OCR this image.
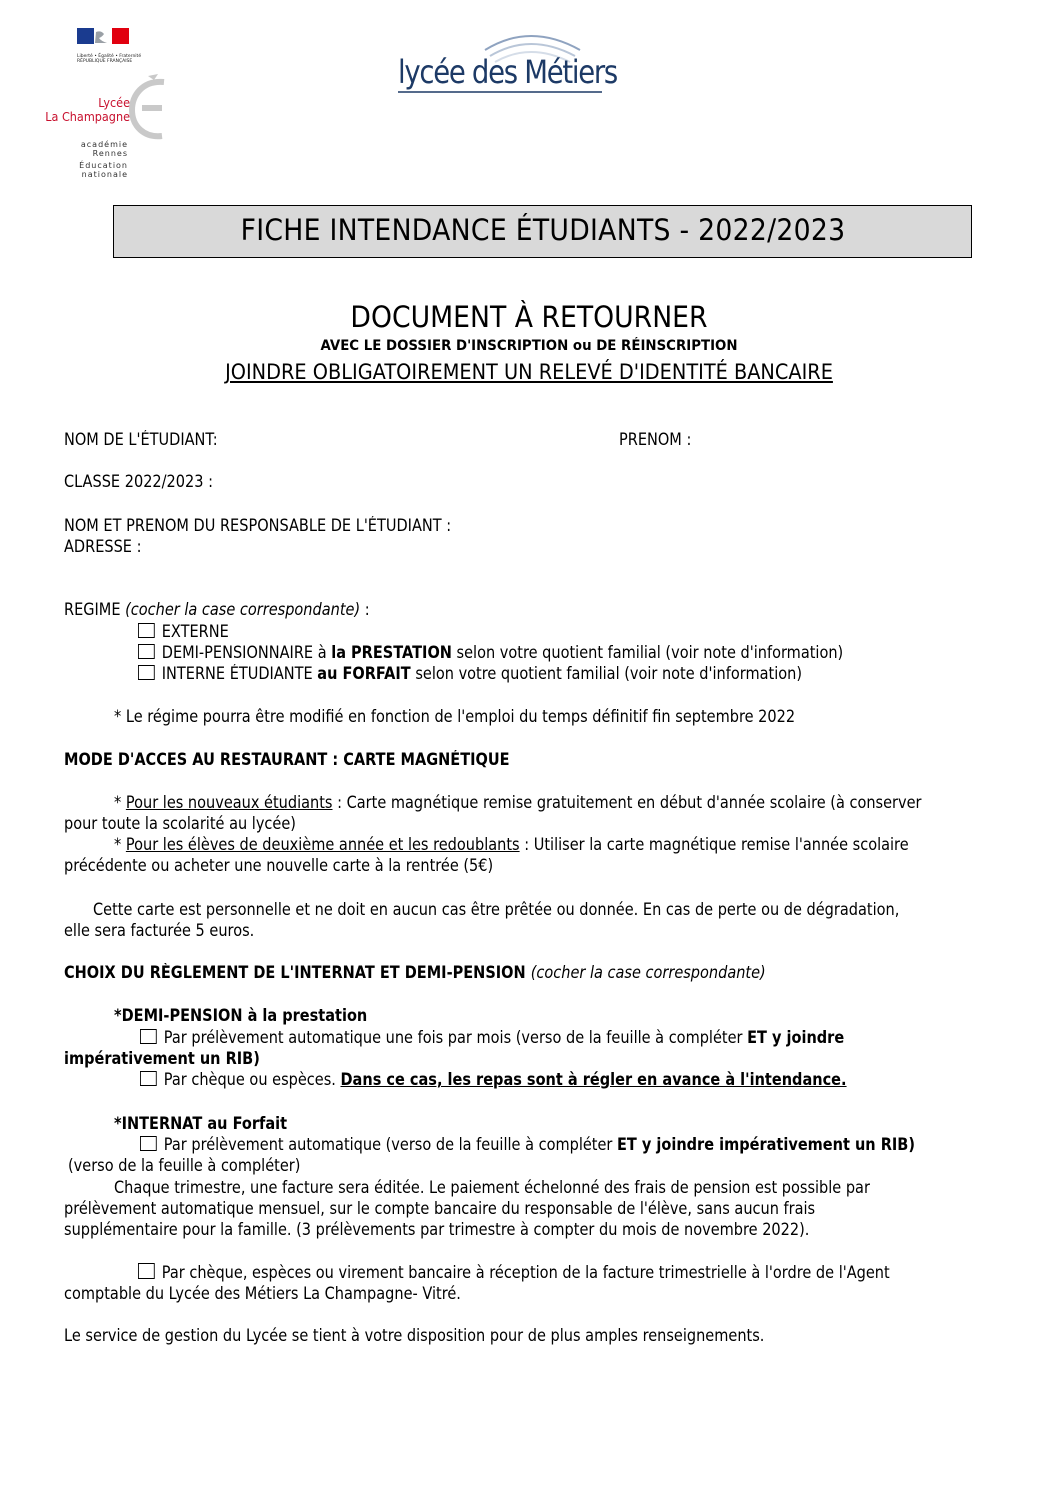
Liberté • Égalité • Fraternité
RÉPUBLIQUE FRANÇAISE
Lycée
La Champagne
académie
Rennes
Éducation
nationale
lycée des Métiers
FICHE INTENDANCE ÉTUDIANTS - 2022/2023
DOCUMENT À RETOURNER
AVEC LE DOSSIER D'INSCRIPTION ou DE RÉINSCRIPTION
JOINDRE OBLIGATOIREMENT UN RELEVÉ D'IDENTITÉ BANCAIRE
NOM DE L'ÉTUDIANT:	PRENOM :
CLASSE 2022/2023 :
NOM ET PRENOM DU RESPONSABLE DE L'ÉTUDIANT :
ADRESSE :
REGIME (cocher la case correspondante) :
EXTERNE
DEMI-PENSIONNAIRE à la PRESTATION selon votre quotient familial (voir note d'information)
INTERNE ÉTUDIANTE au FORFAIT selon votre quotient familial (voir note d'information)
* Le régime pourra être modifié en fonction de l'emploi du temps définitif fin septembre 2022
MODE D'ACCES AU RESTAURANT : CARTE MAGNÉTIQUE
* Pour les nouveaux étudiants : Carte magnétique remise gratuitement en début d'année scolaire (à conserver
pour toute la scolarité au lycée)
* Pour les élèves de deuxième année et les redoublants : Utiliser la carte magnétique remise l'année scolaire
précédente ou acheter une nouvelle carte à la rentrée (5€)
Cette carte est personnelle et ne doit en aucun cas être prêtée ou donnée. En cas de perte ou de dégradation,
elle sera facturée 5 euros.
CHOIX DU RÈGLEMENT DE L'INTERNAT ET DEMI-PENSION (cocher la case correspondante)
*DEMI-PENSION à la prestation
Par prélèvement automatique une fois par mois (verso de la feuille à compléter ET y joindre
impérativement un RIB)
Par chèque ou espèces. Dans ce cas, les repas sont à régler en avance à l'intendance.
*INTERNAT au Forfait
Par prélèvement automatique (verso de la feuille à compléter ET y joindre impérativement un RIB)
(verso de la feuille à compléter)
Chaque trimestre, une facture sera éditée. Le paiement échelonné des frais de pension est possible par
prélèvement automatique mensuel, sur le compte bancaire du responsable de l'élève, sans aucun frais
supplémentaire pour la famille. (3 prélèvements par trimestre à compter du mois de novembre 2022).
Par chèque, espèces ou virement bancaire à réception de la facture trimestrielle à l'ordre de l'Agent
comptable du Lycée des Métiers La Champagne- Vitré.
Le service de gestion du Lycée se tient à votre disposition pour de plus amples renseignements.
